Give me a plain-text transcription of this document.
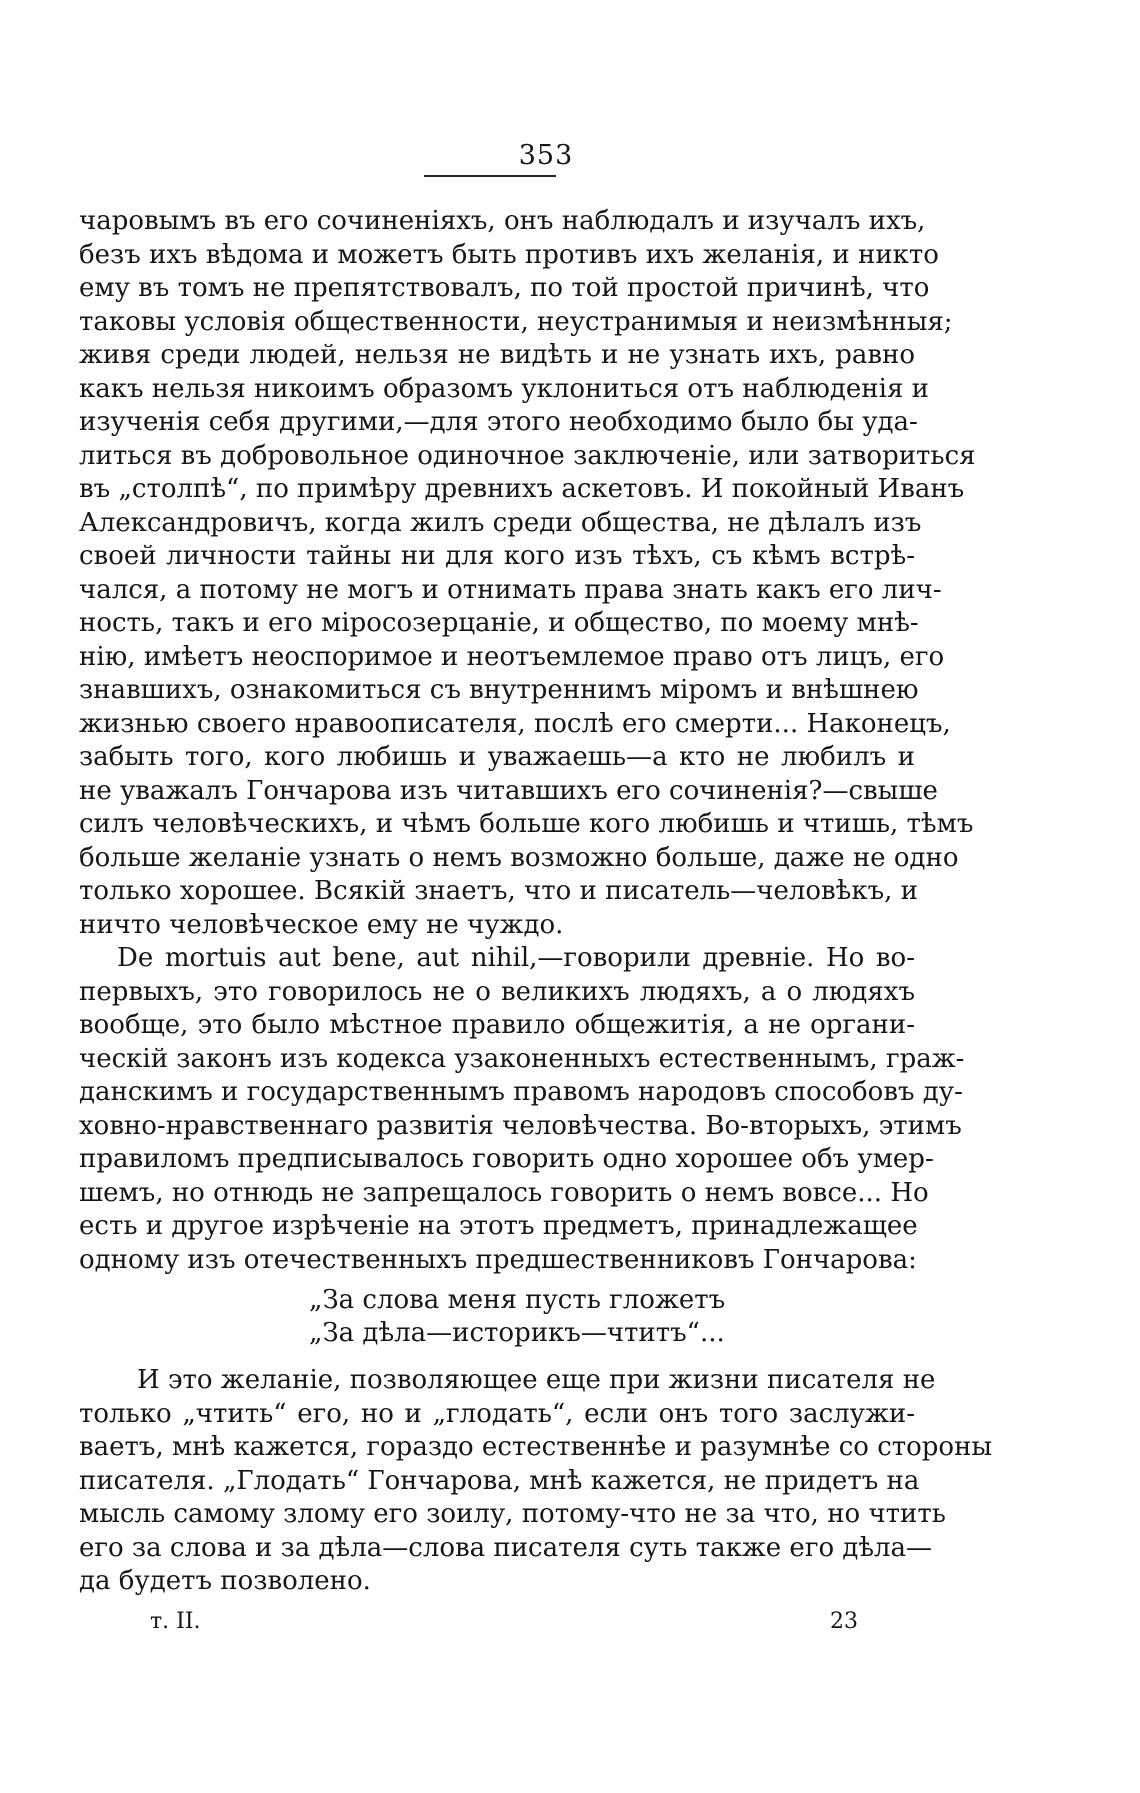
353
чаровымъ въ его сочиненіяхъ, онъ наблюдалъ и изучалъ ихъ,
безъ ихъ вѣдома и можетъ быть противъ ихъ желанія, и никто
ему въ томъ не препятствовалъ, по той простой причинѣ, что
таковы условія общественности, неустранимыя и неизмѣнныя;
живя среди людей, нельзя не видѣть и не узнать ихъ, равно
какъ нельзя никоимъ образомъ уклониться отъ наблюденія и
изученія себя другими,—для этого необходимо было бы уда-
литься въ добровольное одиночное заключеніе, или затвориться
въ „столпѣ“, по примѣру древнихъ аскетовъ. И покойный Иванъ
Александровичъ, когда жилъ среди общества, не дѣлалъ изъ
своей личности тайны ни для кого изъ тѣхъ, съ кѣмъ встрѣ-
чался, а потому не могъ и отнимать права знать какъ его лич-
ность, такъ и его міросозерцаніе, и общество, по моему мнѣ-
нію, имѣетъ неоспоримое и неотъемлемое право отъ лицъ, его
знавшихъ, ознакомиться съ внутреннимъ міромъ и внѣшнею
жизнью своего нравоописателя, послѣ его смерти... Наконецъ,
забыть того, кого любишь и уважаешь—а кто не любилъ и
не уважалъ Гончарова изъ читавшихъ его сочиненія?—свыше
силъ человѣческихъ, и чѣмъ больше кого любишь и чтишь, тѣмъ
больше желаніе узнать о немъ возможно больше, даже не одно
только хорошее. Всякій знаетъ, что и писатель—человѣкъ, и
ничто человѣческое ему не чуждо.
De mortuis aut bene, aut nihil,—говорили древніе. Но во-
первыхъ, это говорилось не о великихъ людяхъ, а о людяхъ
вообще, это было мѣстное правило общежитія, а не органи-
ческій законъ изъ кодекса узаконенныхъ естественнымъ, граж-
данскимъ и государственнымъ правомъ народовъ способовъ ду-
ховно-нравственнаго развитія человѣчества. Во-вторыхъ, этимъ
правиломъ предписывалось говорить одно хорошее объ умер-
шемъ, но отнюдь не запрещалось говорить о немъ вовсе... Но
есть и другое изрѣченіе на этотъ предметъ, принадлежащее
одному изъ отечественныхъ предшественниковъ Гончарова:
„За слова меня пусть гложетъ
„За дѣла—историкъ—чтитъ“...
И это желаніе, позволяющее еще при жизни писателя не
только „чтить“ его, но и „глодать“, если онъ того заслужи-
ваетъ, мнѣ кажется, гораздо естественнѣе и разумнѣе со стороны
писателя. „Глодать“ Гончарова, мнѣ кажется, не придетъ на
мысль самому злому его зоилу, потому-что не за что, но чтить
его за слова и за дѣла—слова писателя суть также его дѣла—
да будетъ позволено.
т. II.	23
